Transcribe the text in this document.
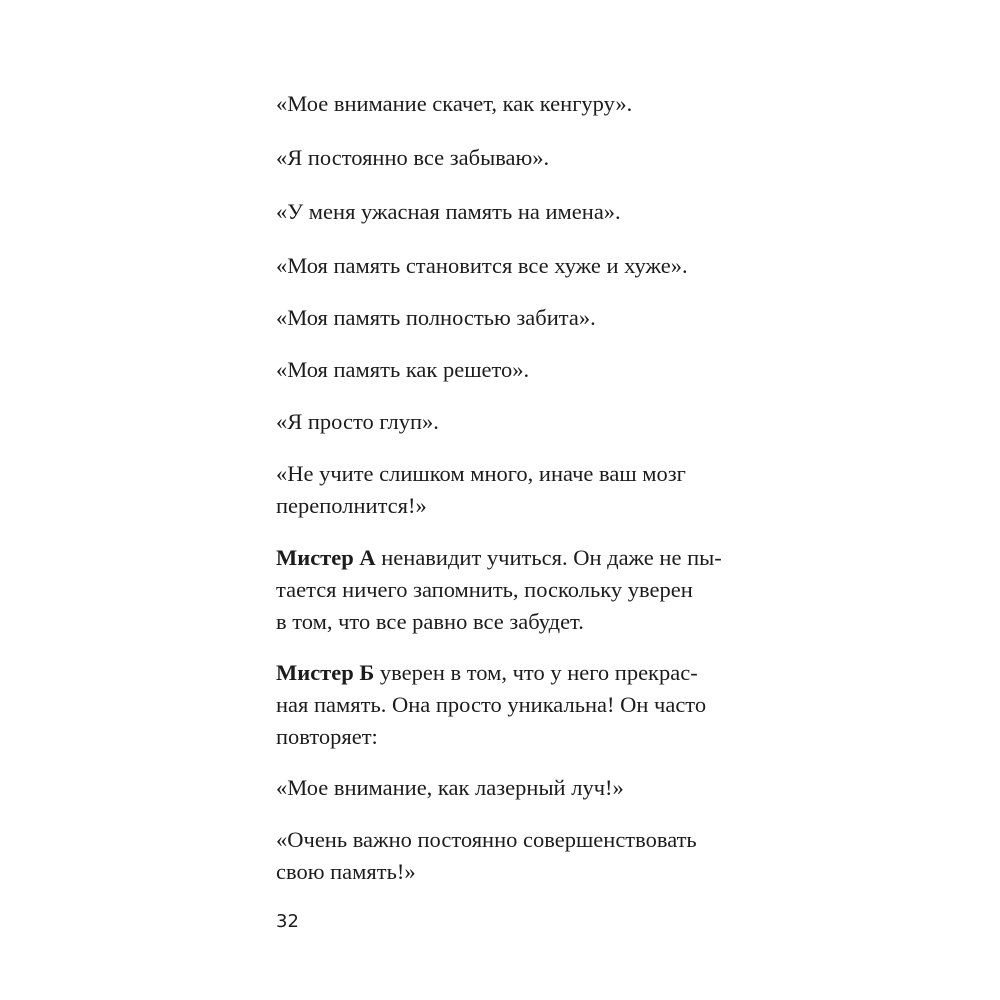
«Мое внимание скачет, как кенгуру».

«Я постоянно все забываю».

«У меня ужасная память на имена».

«Моя память становится все хуже и хуже».

«Моя память полностью забита».

«Моя память как решето».

«Я просто глуп».

«Не учите слишком много, иначе ваш мозг
переполнится!»

Мистер А ненавидит учиться. Он даже не пы-
тается ничего запомнить, поскольку уверен
в том, что все равно все забудет.

Мистер Б уверен в том, что у него прекрас-
ная память. Она просто уникальна! Он часто
повторяет:

«Мое внимание, как лазерный луч!»

«Очень важно постоянно совершенствовать
свою память!»

32
